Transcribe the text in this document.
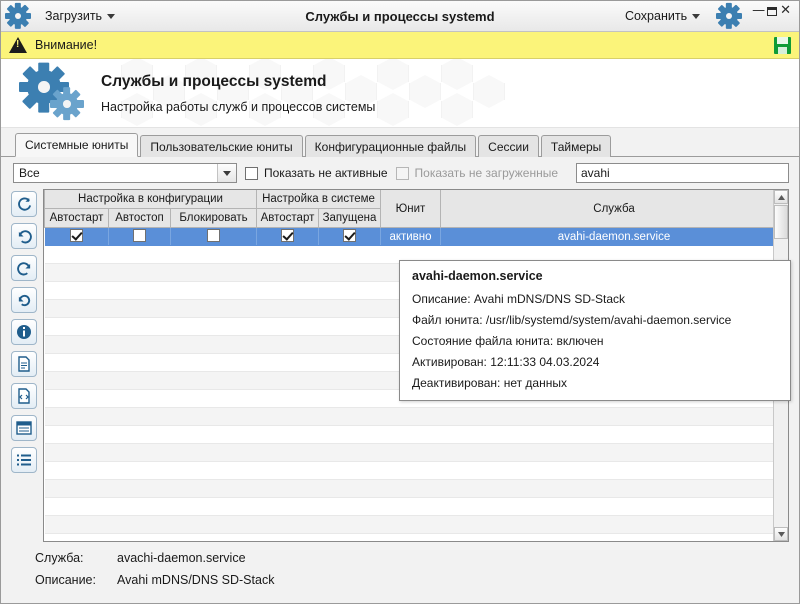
Загрузить	Службы и процессы systemd	Сохранить	— ✕
!
Внимание!
Службы и процессы systemd
Настройка работы служб и процессов системы
Системные юниты	Пользовательские юниты	Конфигурационные файлы	Сессии	Таймеры
Все	Показать не активные Показать не загруженные avahi
Настройка в конфигурации			Настройка в системе		Юнит	Служба
Автостарт	Автостоп	Блокировать	Автостарт	Запущена		
					активно	avahi-daemon.service

Служба:	avachi-daemon.service
Описание:	Avahi mDNS/DNS SD-Stack
avahi-daemon.service
Описание: Avahi mDNS/DNS SD-Stack
Файл юнита: /usr/lib/systemd/system/avahi-daemon.service
Состояние файла юнита: включен
Активирован: 12:11:33 04.03.2024
Деактивирован: нет данных
